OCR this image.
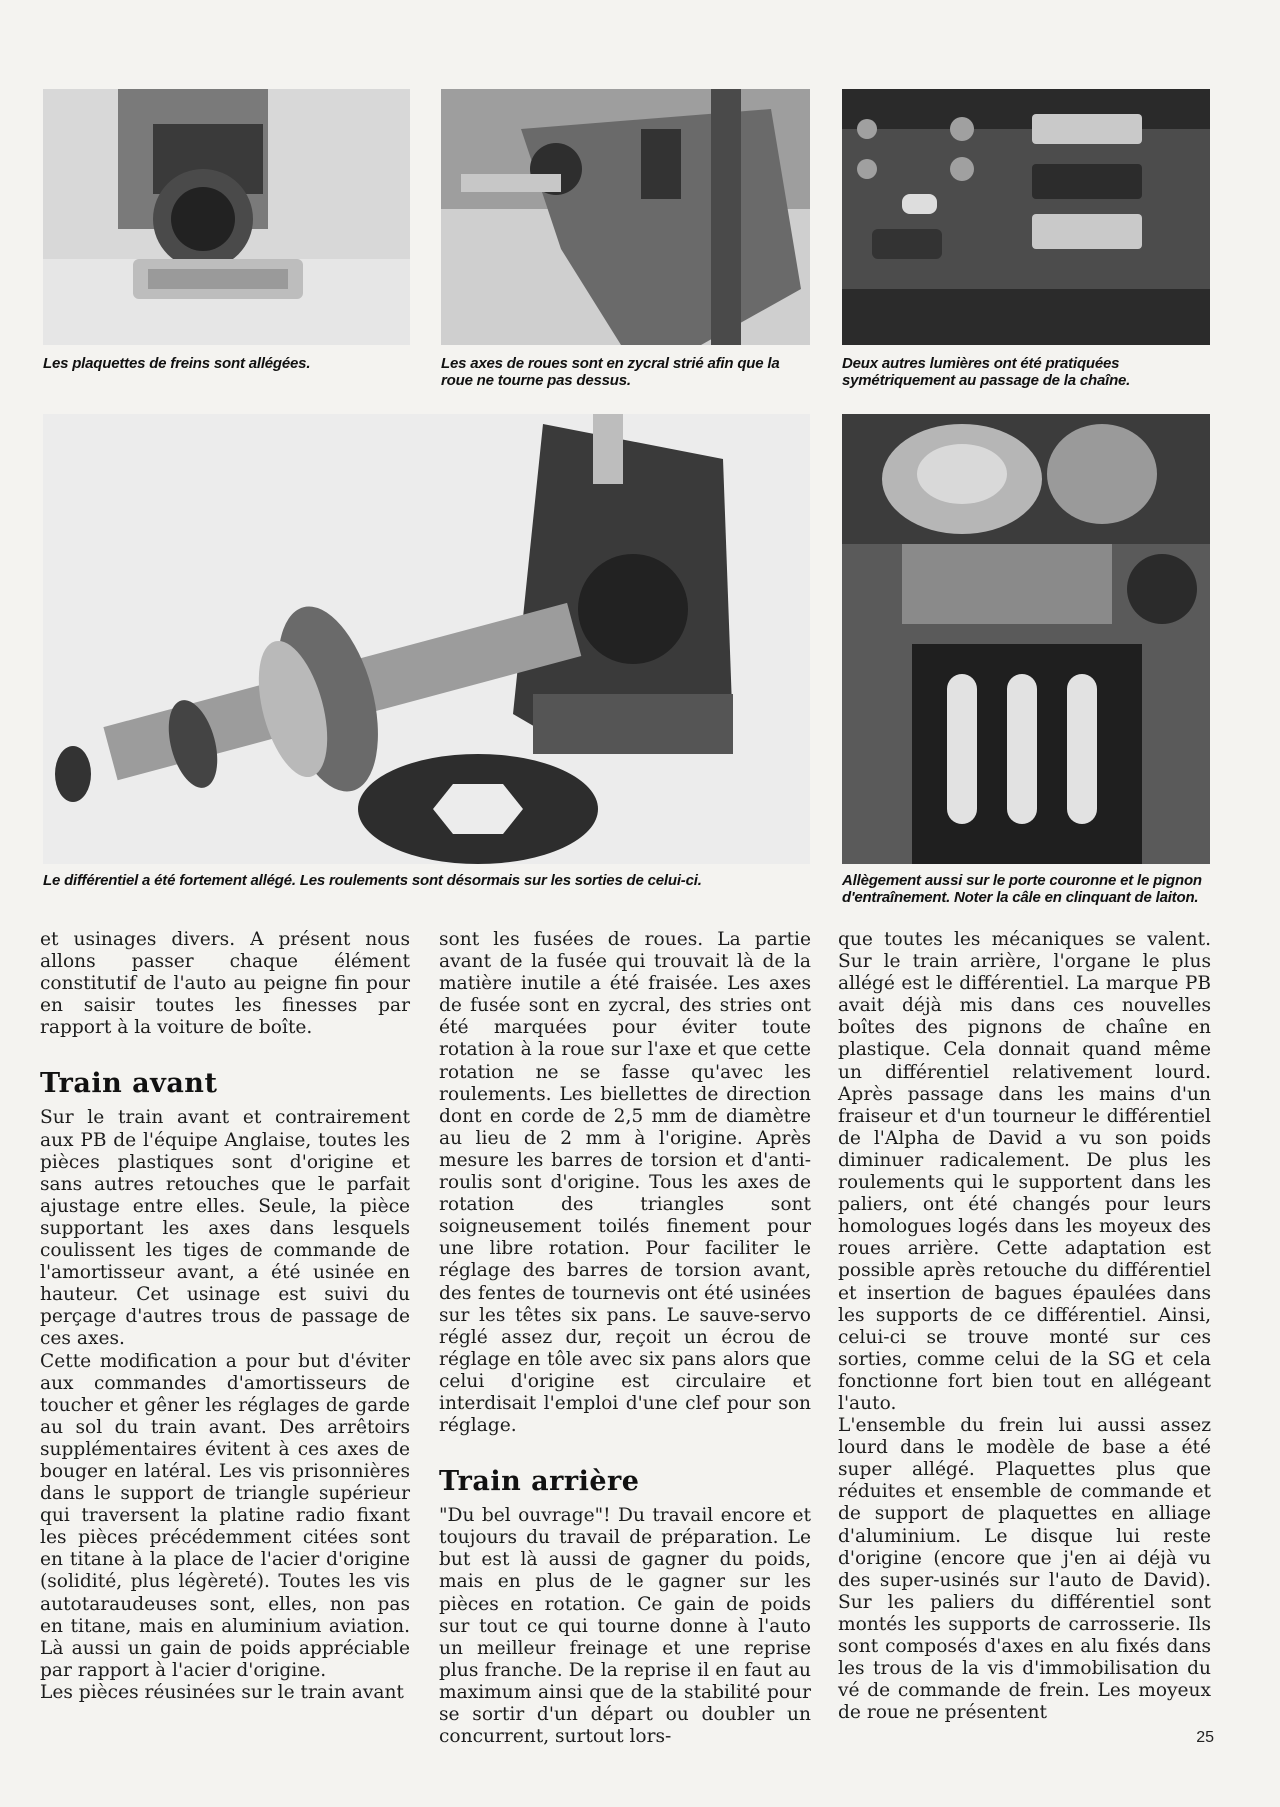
Les plaquettes de freins sont allégées.	Les axes de roues sont en zycral strié afin que la roue ne tourne pas dessus.
Deux autres lumières ont été pratiquées symétriquement au passage de la chaîne.
Le différentiel a été fortement allégé. Les roulements sont désormais sur les sorties de celui-ci.	Allègement aussi sur le porte couronne et le pignon d'entraînement. Noter la câle en clinquant de laiton.

et usinages divers. A présent nous allons passer chaque élément constitutif de l'auto au peigne fin pour en saisir toutes les finesses par rapport à la voiture de boîte.

Train avant

Sur le train avant et contrairement aux PB de l'équipe Anglaise, toutes les pièces plastiques sont d'origine et sans autres retouches que le parfait ajustage entre elles. Seule, la pièce supportant les axes dans lesquels coulissent les tiges de commande de l'amortisseur avant, a été usinée en hauteur. Cet usinage est suivi du perçage d'autres trous de passage de ces axes.

Cette modification a pour but d'éviter aux commandes d'amortisseurs de toucher et gêner les réglages de garde au sol du train avant. Des arrêtoirs supplémentaires évitent à ces axes de bouger en latéral. Les vis prisonnières dans le support de triangle supérieur qui traversent la platine radio fixant les pièces précédemment citées sont en titane à la place de l'acier d'origine (solidité, plus légèreté). Toutes les vis autotaraudeuses sont, elles, non pas en titane, mais en aluminium aviation. Là aussi un gain de poids appréciable par rapport à l'acier d'origine.

Les pièces réusinées sur le train avant

sont les fusées de roues. La partie avant de la fusée qui trouvait là de la matière inutile a été fraisée. Les axes de fusée sont en zycral, des stries ont été marquées pour éviter toute rotation à la roue sur l'axe et que cette rotation ne se fasse qu'avec les roulements. Les biellettes de direction dont en corde de 2,5 mm de diamètre au lieu de 2 mm à l'origine. Après mesure les barres de torsion et d'anti-roulis sont d'origine. Tous les axes de rotation des triangles sont soigneusement toilés finement pour une libre rotation. Pour faciliter le réglage des barres de torsion avant, des fentes de tournevis ont été usinées sur les têtes six pans. Le sauve-servo réglé assez dur, reçoit un écrou de réglage en tôle avec six pans alors que celui d'origine est circulaire et interdisait l'emploi d'une clef pour son réglage.

Train arrière

"Du bel ouvrage"! Du travail encore et toujours du travail de préparation. Le but est là aussi de gagner du poids, mais en plus de le gagner sur les pièces en rotation. Ce gain de poids sur tout ce qui tourne donne à l'auto un meilleur freinage et une reprise plus franche. De la reprise il en faut au maximum ainsi que de la stabilité pour se sortir d'un départ ou doubler un concurrent, surtout lors-

que toutes les mécaniques se valent. Sur le train arrière, l'organe le plus allégé est le différentiel. La marque PB avait déjà mis dans ces nouvelles boîtes des pignons de chaîne en plastique. Cela donnait quand même un différentiel relativement lourd. Après passage dans les mains d'un fraiseur et d'un tourneur le différentiel de l'Alpha de David a vu son poids diminuer radicalement. De plus les roulements qui le supportent dans les paliers, ont été changés pour leurs homologues logés dans les moyeux des roues arrière. Cette adaptation est possible après retouche du différentiel et insertion de bagues épaulées dans les supports de ce différentiel. Ainsi, celui-ci se trouve monté sur ces sorties, comme celui de la SG et cela fonctionne fort bien tout en allégeant l'auto.

L'ensemble du frein lui aussi assez lourd dans le modèle de base a été super allégé. Plaquettes plus que réduites et ensemble de commande et de support de plaquettes en alliage d'aluminium. Le disque lui reste d'origine (encore que j'en ai déjà vu des super-usinés sur l'auto de David). Sur les paliers du différentiel sont montés les supports de carrosserie. Ils sont composés d'axes en alu fixés dans les trous de la vis d'immobilisation du vé de commande de frein. Les moyeux de roue ne présentent

25
